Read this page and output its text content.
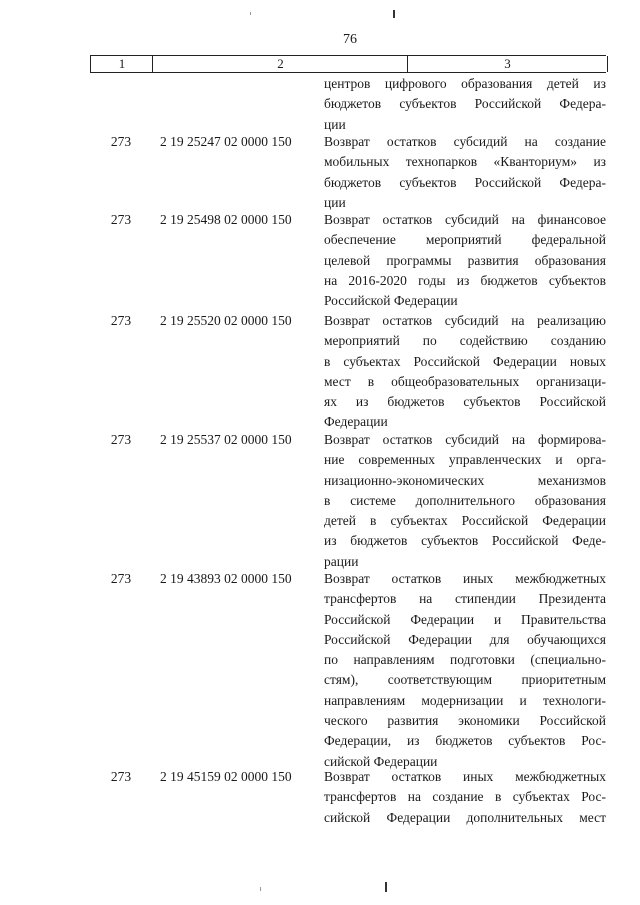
76
1	2	3
центров цифрового образования детей из
бюджетов субъектов Российской Федера-
ции
273	2 19 25247 02 0000 150	Возврат остатков субсидий на создание
мобильных технопарков «Кванториум» из
бюджетов субъектов Российской Федера-
ции
273	2 19 25498 02 0000 150	Возврат остатков субсидий на финансовое
обеспечение мероприятий федеральной
целевой программы развития образования
на 2016-2020 годы из бюджетов субъектов
Российской Федерации
273	2 19 25520 02 0000 150	Возврат остатков субсидий на реализацию
мероприятий по содействию созданию
в субъектах Российской Федерации новых
мест в общеобразовательных организаци-
ях из бюджетов субъектов Российской
Федерации
273	2 19 25537 02 0000 150	Возврат остатков субсидий на формирова-
ние современных управленческих и орга-
низационно-экономических механизмов
в системе дополнительного образования
детей в субъектах Российской Федерации
из бюджетов субъектов Российской Феде-
рации
273	2 19 43893 02 0000 150	Возврат остатков иных межбюджетных
трансфертов на стипендии Президента
Российской Федерации и Правительства
Российской Федерации для обучающихся
по направлениям подготовки (специально-
стям), соответствующим приоритетным
направлениям модернизации и технологи-
ческого развития экономики Российской
Федерации, из бюджетов субъектов Рос-
сийской Федерации
273	2 19 45159 02 0000 150	Возврат остатков иных межбюджетных
трансфертов на создание в субъектах Рос-
сийской Федерации дополнительных мест
